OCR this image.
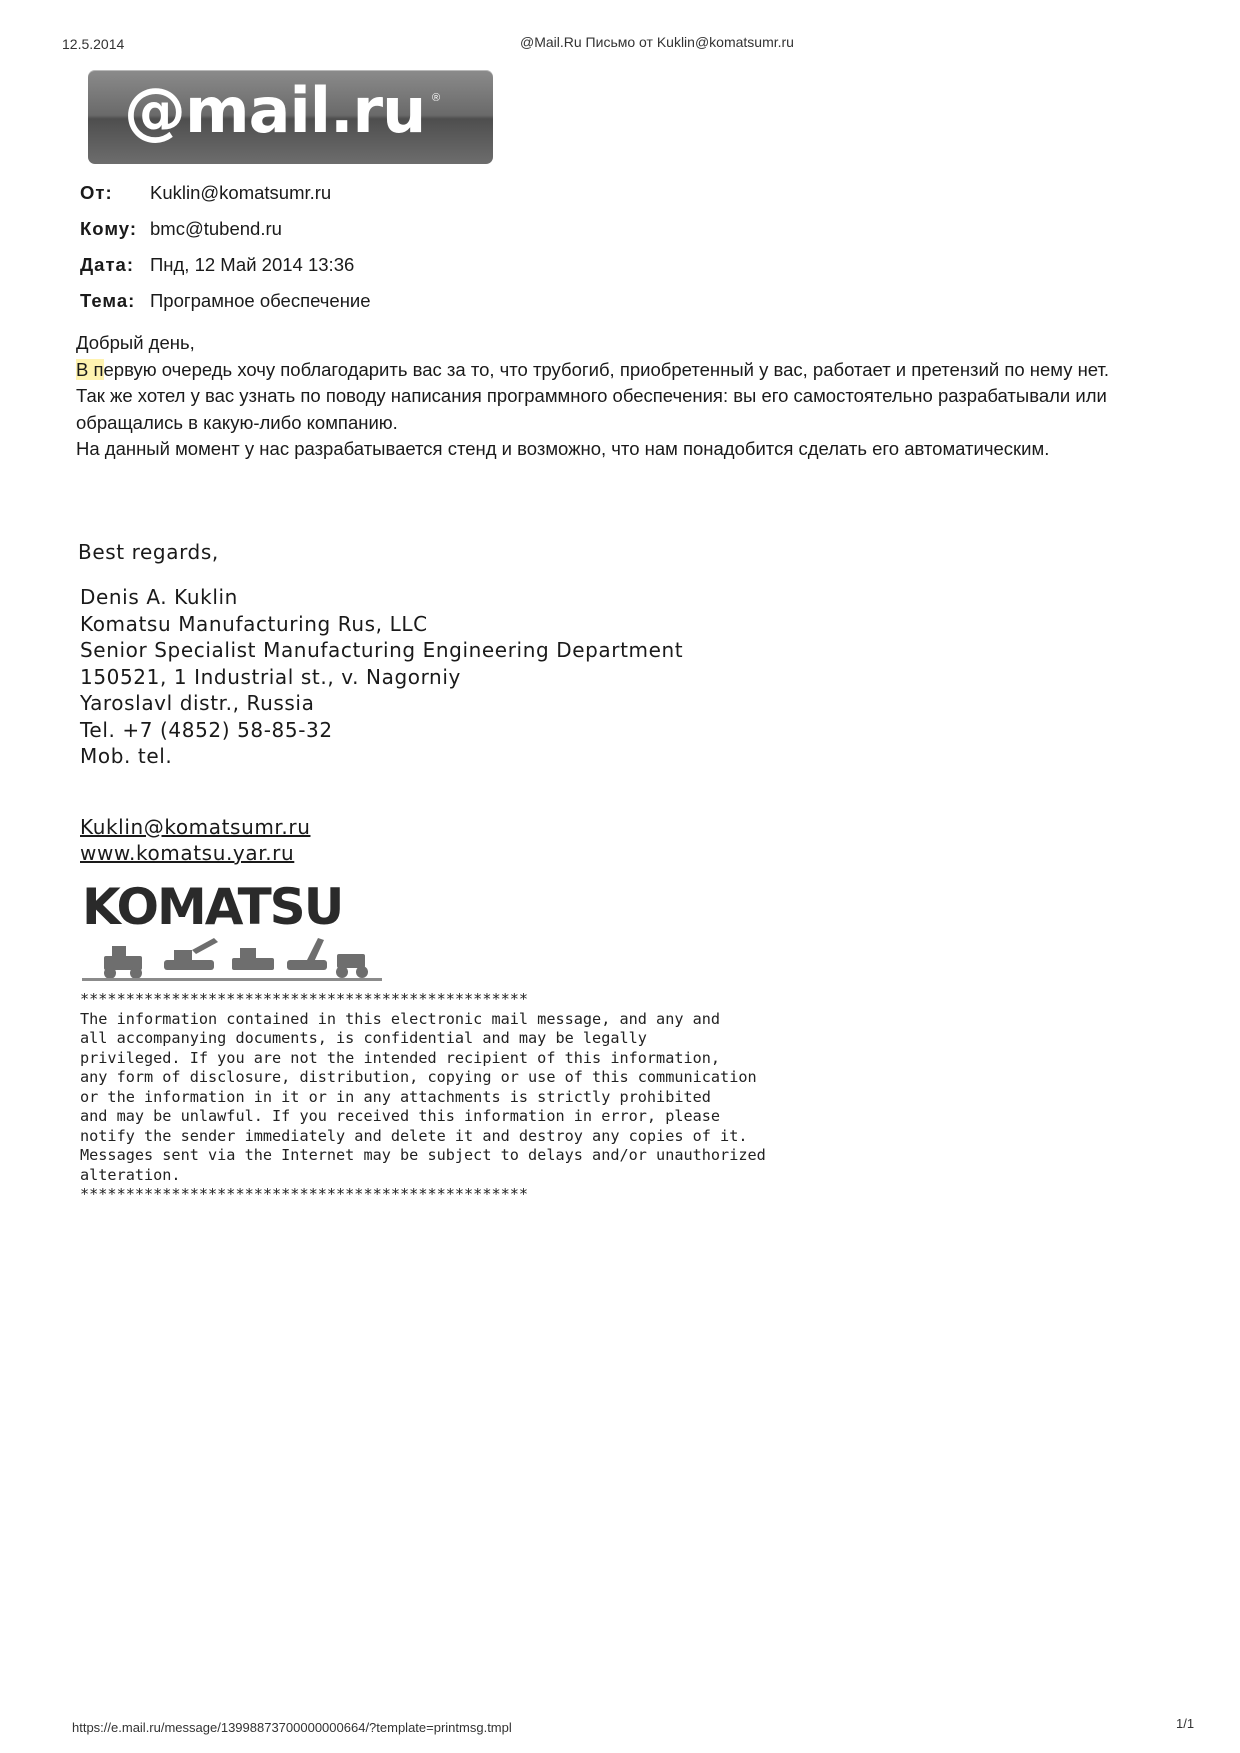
12.5.2014	@Mail.Ru Письмо от Kuklin@komatsumr.ru
@mail.ru ®
От: Kuklin@komatsumr.ru
Кому: bmc@tubend.ru
Дата: Пнд, 12 Май 2014 13:36
Тема: Програмное обеспечение

Добрый день,

В первую очередь хочу поблагодарить вас за то, что трубогиб, приобретенный у вас, работает и претензий по нему нет.

Так же хотел у вас узнать по поводу написания программного обеспечения: вы его самостоятельно разрабатывали или обращались в какую-либо компанию.

На данный момент у нас разрабатывается стенд и возможно, что нам понадобится сделать его автоматическим.

Best regards,
Denis A. Kuklin
Komatsu Manufacturing Rus, LLC
Senior Specialist Manufacturing Engineering Department
150521, 1 Industrial st., v. Nagorniy
Yaroslavl distr., Russia
Tel. +7 (4852) 58-85-32
Mob. tel.
Kuklin@komatsumr.ru
www.komatsu.yar.ru
KOMATSU
*************************************************
The information contained in this electronic mail message, and any and
all accompanying documents, is confidential and may be legally
privileged. If you are not the intended recipient of this information,
any form of disclosure, distribution, copying or use of this communication
or the information in it or in any attachments is strictly prohibited
and may be unlawful. If you received this information in error, please
notify the sender immediately and delete it and destroy any copies of it.
Messages sent via the Internet may be subject to delays and/or unauthorized
alteration.
*************************************************
https://e.mail.ru/message/13998873700000000664/?template=printmsg.tmpl	1/1
